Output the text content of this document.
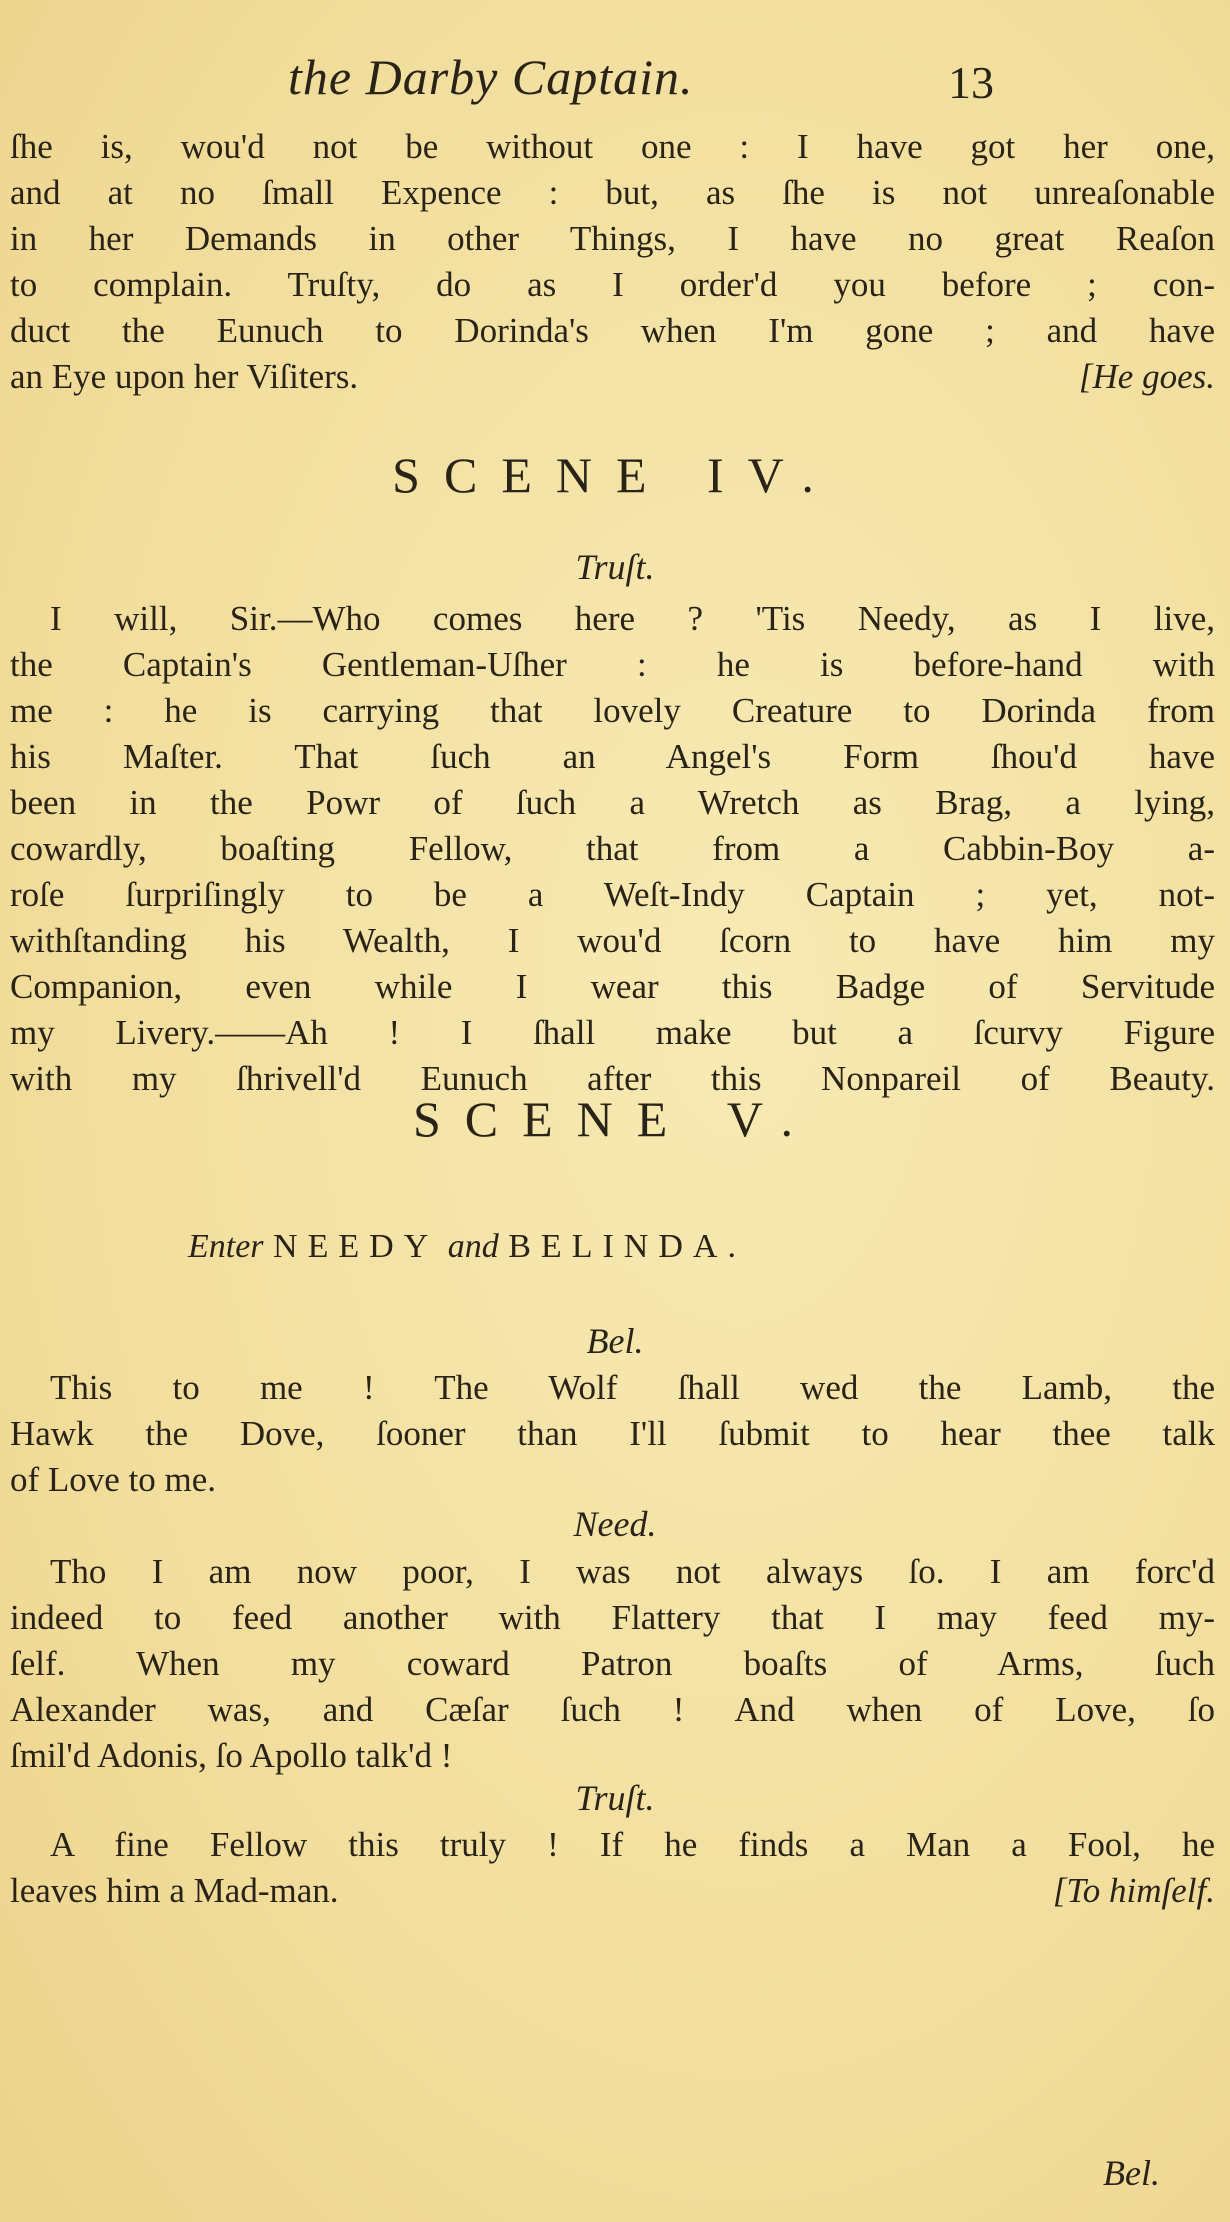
the Darby Captain.	13
ſhe is, wou'd not be without one : I have got her one,
and at no ſmall Expence : but, as ſhe is not unreaſonable
in her Demands in other Things, I have no great Reaſon
to complain. Truſty, do as I order'd you before ; con-
duct the Eunuch to Dorinda's when I'm gone ; and have
an Eye upon her Viſiters.	[He goes.
SCENE IV.
Truſt.
I will, Sir.—Who comes here ? 'Tis Needy, as I live,
the Captain's Gentleman-Uſher : he is before-hand with
me : he is carrying that lovely Creature to Dorinda from
his Maſter. That ſuch an Angel's Form ſhou'd have
been in the Powr of ſuch a Wretch as Brag, a lying,
cowardly, boaſting Fellow, that from a Cabbin-Boy a-
roſe ſurpriſingly to be a Weſt-Indy Captain ; yet, not-
withſtanding his Wealth, I wou'd ſcorn to have him my
Companion, even while I wear this Badge of Servitude
my Livery.——Ah ! I ſhall make but a ſcurvy Figure
with my ſhrivell'd Eunuch after this Nonpareil of Beauty.
SCENE V.
Enter NEEDY and BELINDA.
Bel.
This to me ! The Wolf ſhall wed the Lamb, the
Hawk the Dove, ſooner than I'll ſubmit to hear thee talk
of Love to me.
Need.
Tho I am now poor, I was not always ſo. I am forc'd
indeed to feed another with Flattery that I may feed my-
ſelf. When my coward Patron boaſts of Arms, ſuch
Alexander was, and Cæſar ſuch ! And when of Love, ſo
ſmil'd Adonis, ſo Apollo talk'd !
Truſt.
A fine Fellow this truly ! If he finds a Man a Fool, he
leaves him a Mad-man.	[To himſelf.
Bel.
